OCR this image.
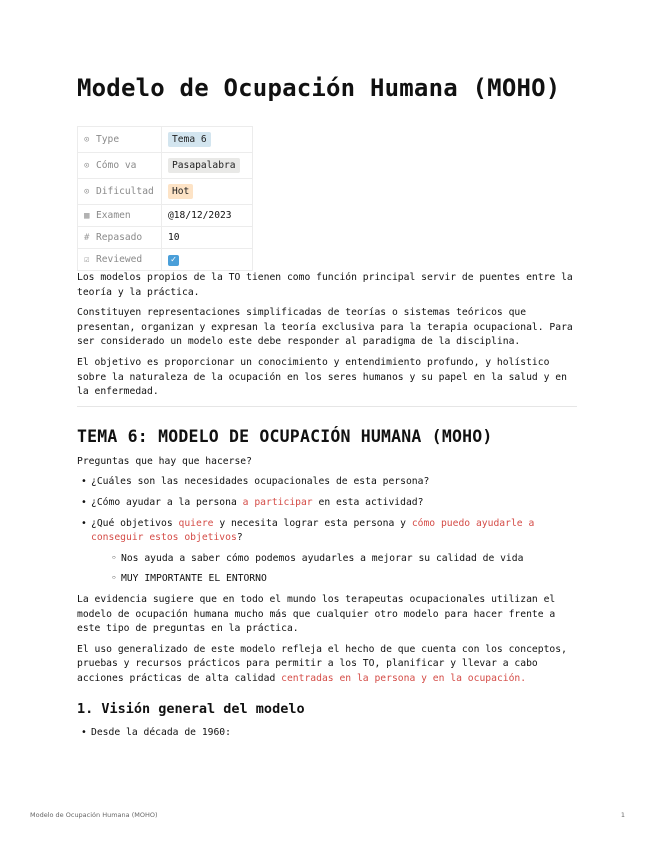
Modelo de Ocupación Humana (MOHO)
⊙ Type	Tema 6
⊙ Cómo va	Pasapalabra
⊙ Dificultad	Hot
▦ Examen	@18/12/2023
# Repasado	10
☑ Reviewed	✓

Los modelos propios de la TO tienen como función principal servir de puentes entre la teoría y la práctica.

Constituyen representaciones simplificadas de teorías o sistemas teóricos que presentan, organizan y expresan la teoría exclusiva para la terapia ocupacional. Para ser considerado un modelo este debe responder al paradigma de la disciplina.

El objetivo es proporcionar un conocimiento y entendimiento profundo, y holístico sobre la naturaleza de la ocupación en los seres humanos y su papel en la salud y en la enfermedad.

TEMA 6: MODELO DE OCUPACIÓN HUMANA (MOHO)

Preguntas que hay que hacerse?

• ¿Cuáles son las necesidades ocupacionales de esta persona?
• ¿Cómo ayudar a la persona a participar en esta actividad?
• ¿Qué objetivos quiere y necesita lograr esta persona y cómo puedo ayudarle a conseguir estos objetivos?
◦ Nos ayuda a saber cómo podemos ayudarles a mejorar su calidad de vida
◦ MUY IMPORTANTE EL ENTORNO

La evidencia sugiere que en todo el mundo los terapeutas ocupacionales utilizan el modelo de ocupación humana mucho más que cualquier otro modelo para hacer frente a este tipo de preguntas en la práctica.

El uso generalizado de este modelo refleja el hecho de que cuenta con los conceptos, pruebas y recursos prácticos para permitir a los TO, planificar y llevar a cabo acciones prácticas de alta calidad centradas en la persona y en la ocupación.

1. Visión general del modelo
• Desde la década de 1960:
Modelo de Ocupación Humana (MOHO)	1
